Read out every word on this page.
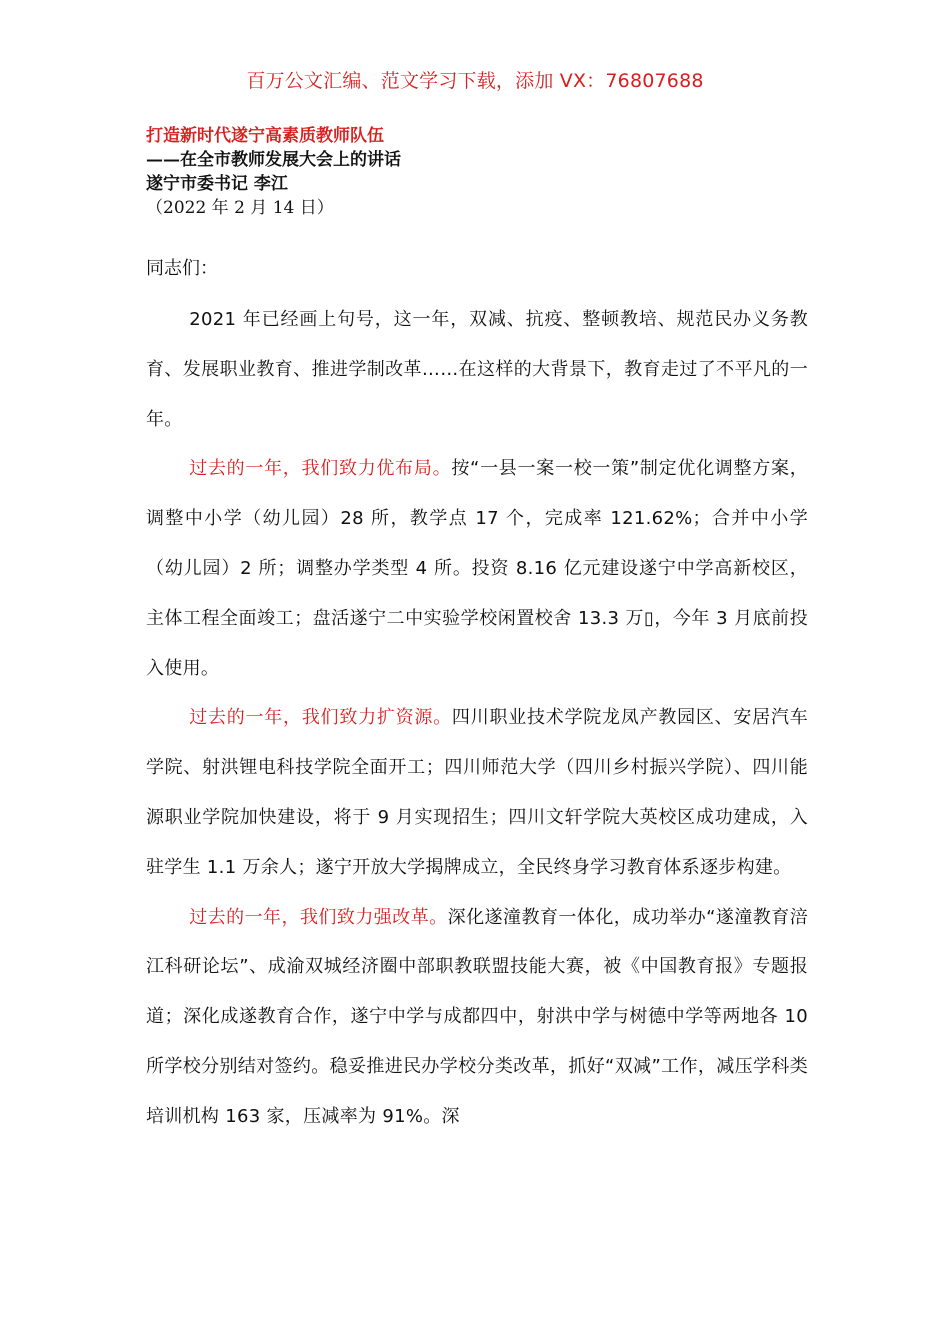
百万公文汇编、范文学习下载，添加 VX：76807688
打造新时代遂宁高素质教师队伍
——在全市教师发展大会上的讲话
遂宁市委书记 李江
（2022 年 2 月 14 日）
同志们：

2021 年已经画上句号，这一年，双减、抗疫、整顿教培、规范民办义务教育、发展职业教育、推进学制改革……在这样的大背景下，教育走过了不平凡的一年。

过去的一年，我们致力优布局。按“一县一案一校一策”制定优化调整方案，调整中小学（幼儿园）28 所，教学点 17 个，完成率 121.62%；合并中小学（幼儿园）2 所；调整办学类型 4 所。投资 8.16 亿元建设遂宁中学高新校区，主体工程全面竣工；盘活遂宁二中实验学校闲置校舍 13.3 万▯，今年 3 月底前投入使用。

过去的一年，我们致力扩资源。四川职业技术学院龙凤产教园区、安居汽车学院、射洪锂电科技学院全面开工；四川师范大学（四川乡村振兴学院）、四川能源职业学院加快建设，将于 9 月实现招生；四川文轩学院大英校区成功建成，入驻学生 1.1 万余人；遂宁开放大学揭牌成立，全民终身学习教育体系逐步构建。

过去的一年，我们致力强改革。深化遂潼教育一体化，成功举办“遂潼教育涪江科研论坛”、成渝双城经济圈中部职教联盟技能大赛，被《中国教育报》专题报道；深化成遂教育合作，遂宁中学与成都四中，射洪中学与树德中学等两地各 10 所学校分别结对签约。稳妥推进民办学校分类改革，抓好“双减”工作，减压学科类培训机构 163 家，压减率为 91%。深
